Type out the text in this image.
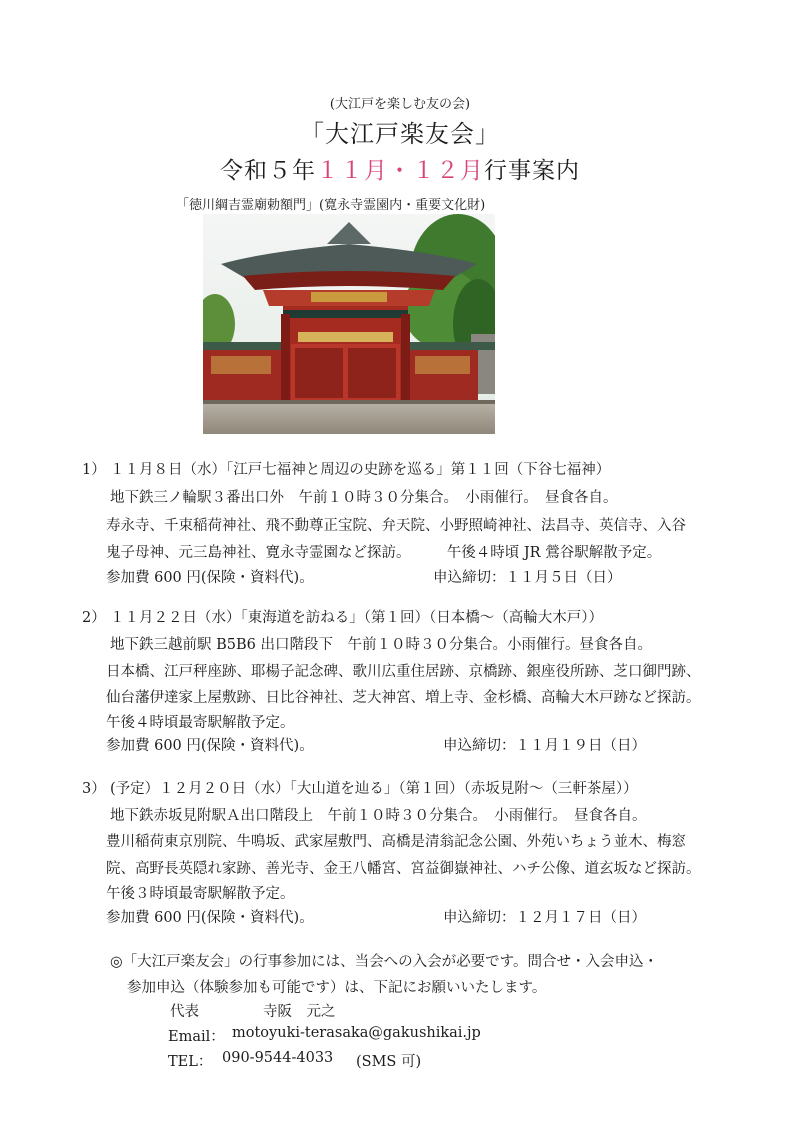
(大江戸を楽しむ友の会)
「大江戸楽友会」
令和５年１１月・１２月行事案内
「徳川綱吉霊廟勅額門」(寛永寺霊園内・重要文化財)
1） １１月８日（水）「江戸七福神と周辺の史跡を巡る」第１１回（下谷七福神）
地下鉄三ノ輪駅３番出口外　午前１０時３０分集合。　小雨催行。　昼食各自。
寿永寺、千束稲荷神社、飛不動尊正宝院、弁天院、小野照崎神社、法昌寺、英信寺、入谷
鬼子母神、元三島神社、寛永寺霊園など探訪。　　　午後４時頃 JR 鶯谷駅解散予定。
参加費 600 円(保険・資料代)。	申込締切：１１月５日（日）
2） １１月２２日（水）「東海道を訪ねる」（第１回）（日本橋～（高輪大木戸））
地下鉄三越前駅 B5B6 出口階段下　午前１０時３０分集合。小雨催行。昼食各自。
日本橋、江戸秤座跡、耶楊子記念碑、歌川広重住居跡、京橋跡、銀座役所跡、芝口御門跡、
仙台藩伊達家上屋敷跡、日比谷神社、芝大神宮、増上寺、金杉橋、高輪大木戸跡など探訪。
午後４時頃最寄駅解散予定。
参加費 600 円(保険・資料代)。	申込締切：１１月１９日（日）
3） (予定）１２月２０日（水）「大山道を辿る」（第１回）（赤坂見附～（三軒茶屋））
地下鉄赤坂見附駅Ａ出口階段上　午前１０時３０分集合。　小雨催行。　昼食各自。
豊川稲荷東京別院、牛鳴坂、武家屋敷門、高橋是清翁記念公園、外苑いちょう並木、梅窓
院、高野長英隠れ家跡、善光寺、金王八幡宮、宮益御嶽神社、ハチ公像、道玄坂など探訪。
午後３時頃最寄駅解散予定。
参加費 600 円(保険・資料代)。	申込締切：１２月１７日（日）
◎「大江戸楽友会」の行事参加には、当会への入会が必要です。問合せ・入会申込・
参加申込（体験参加も可能です）は、下記にお願いいたします。
代表	寺阪　元之
Email： motoyuki-terasaka@gakushikai.jp
TEL： 090-9544-4033 (SMS 可)
